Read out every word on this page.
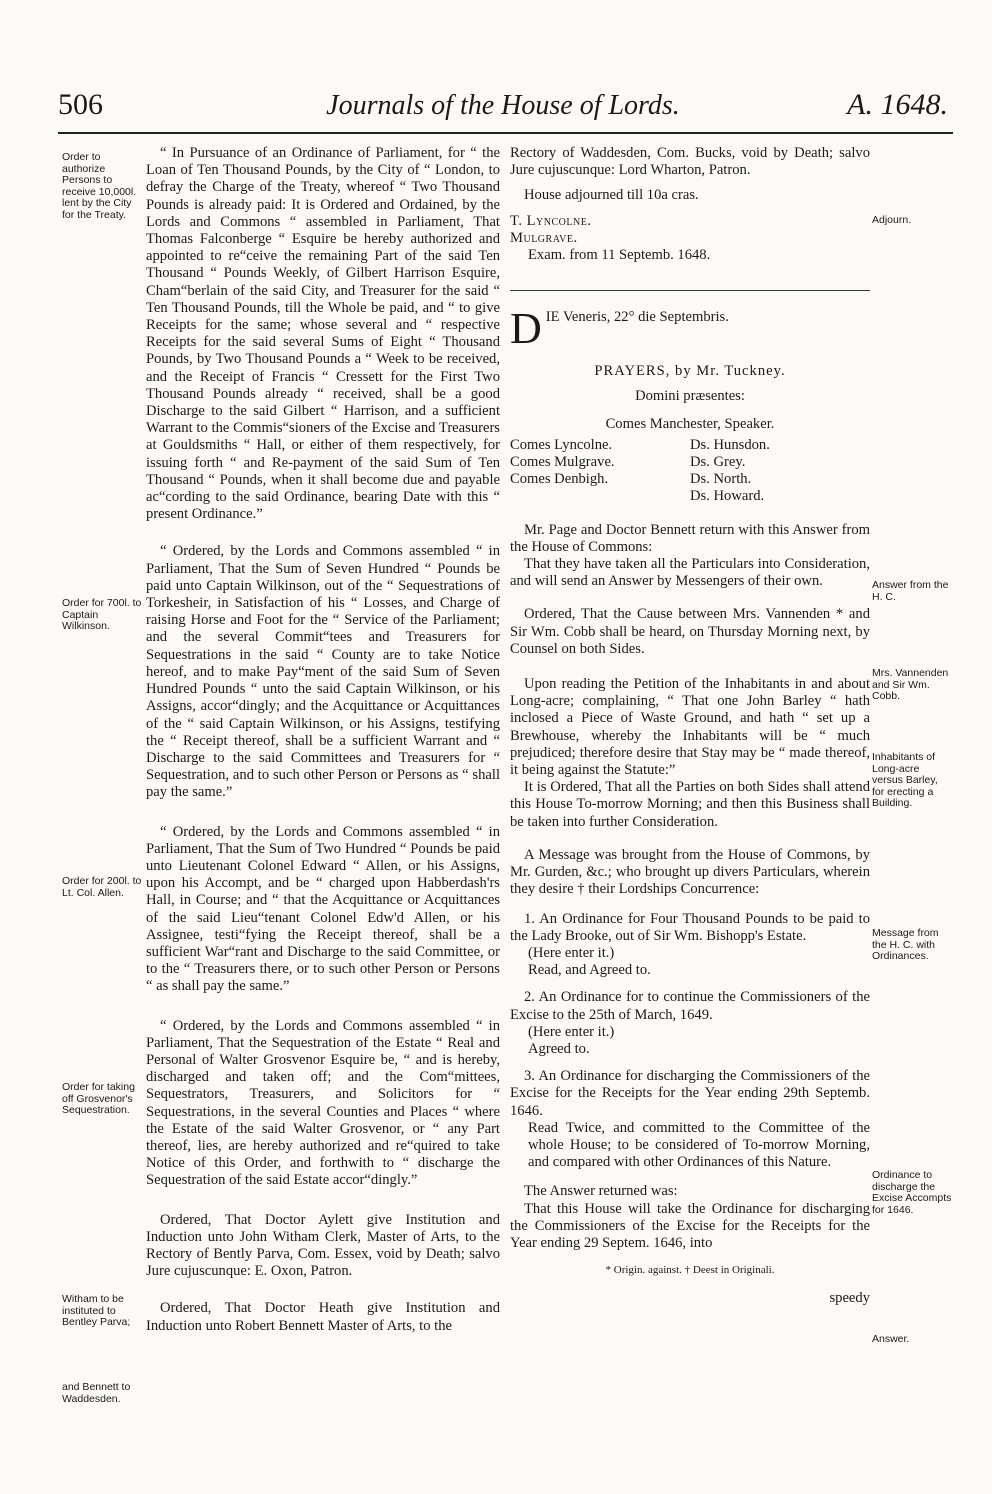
506	Journals of the House of Lords.	A. 1648.
Order to authorize Persons to receive 10,000l. lent by the City for the Treaty.
Order for 700l. to Captain Wilkinson.
Order for 200l. to Lt. Col. Allen.
Order for taking off Grosvenor's Sequestration.
Witham to be instituted to Bentley Parva;
and Bennett to Waddesden.
Adjourn.
Answer from the H. C.
Mrs. Vannenden and Sir Wm. Cobb.
Inhabitants of Long-acre versus Barley, for erecting a Building.
Message from the H. C. with Ordinances.
Ordinance to discharge the Excise Accompts for 1646.
Answer.

“ In Pursuance of an Ordinance of Parliament, for “ the Loan of Ten Thousand Pounds, by the City of “ London, to defray the Charge of the Treaty, whereof “ Two Thousand Pounds is already paid: It is Ordered and Ordained, by the Lords and Commons “ assembled in Parliament, That Thomas Falconberge “ Esquire be hereby authorized and appointed to re“ceive the remaining Part of the said Ten Thousand “ Pounds Weekly, of Gilbert Harrison Esquire, Cham“berlain of the said City, and Treasurer for the said “ Ten Thousand Pounds, till the Whole be paid, and “ to give Receipts for the same; whose several and “ respective Receipts for the said several Sums of Eight “ Thousand Pounds, by Two Thousand Pounds a “ Week to be received, and the Receipt of Francis “ Cressett for the First Two Thousand Pounds already “ received, shall be a good Discharge to the said Gilbert “ Harrison, and a sufficient Warrant to the Commis“sioners of the Excise and Treasurers at Gouldsmiths “ Hall, or either of them respectively, for issuing forth “ and Re-payment of the said Sum of Ten Thousand “ Pounds, when it shall become due and payable ac“cording to the said Ordinance, bearing Date with this “ present Ordinance.”

“ Ordered, by the Lords and Commons assembled “ in Parliament, That the Sum of Seven Hundred “ Pounds be paid unto Captain Wilkinson, out of the “ Sequestrations of Torkesheir, in Satisfaction of his “ Losses, and Charge of raising Horse and Foot for the “ Service of the Parliament; and the several Commit“tees and Treasurers for Sequestrations in the said “ County are to take Notice hereof, and to make Pay“ment of the said Sum of Seven Hundred Pounds “ unto the said Captain Wilkinson, or his Assigns, accor“dingly; and the Acquittance or Acquittances of the “ said Captain Wilkinson, or his Assigns, testifying the “ Receipt thereof, shall be a sufficient Warrant and “ Discharge to the said Committees and Treasurers for “ Sequestration, and to such other Person or Persons as “ shall pay the same.”

“ Ordered, by the Lords and Commons assembled “ in Parliament, That the Sum of Two Hundred “ Pounds be paid unto Lieutenant Colonel Edward “ Allen, or his Assigns, upon his Accompt, and be “ charged upon Habberdash'rs Hall, in Course; and “ that the Acquittance or Acquittances of the said Lieu“tenant Colonel Edw'd Allen, or his Assignee, testi“fying the Receipt thereof, shall be a sufficient War“rant and Discharge to the said Committee, or to the “ Treasurers there, or to such other Person or Persons “ as shall pay the same.”

“ Ordered, by the Lords and Commons assembled “ in Parliament, That the Sequestration of the Estate “ Real and Personal of Walter Grosvenor Esquire be, “ and is hereby, discharged and taken off; and the Com“mittees, Sequestrators, Treasurers, and Solicitors for “ Sequestrations, in the several Counties and Places “ where the Estate of the said Walter Grosvenor, or “ any Part thereof, lies, are hereby authorized and re“quired to take Notice of this Order, and forthwith to “ discharge the Sequestration of the said Estate accor“dingly.”

Ordered, That Doctor Aylett give Institution and Induction unto John Witham Clerk, Master of Arts, to the Rectory of Bently Parva, Com. Essex, void by Death; salvo Jure cujuscunque: E. Oxon, Patron.

Ordered, That Doctor Heath give Institution and Induction unto Robert Bennett Master of Arts, to the

Rectory of Waddesden, Com. Bucks, void by Death; salvo Jure cujuscunque: Lord Wharton, Patron.

House adjourned till 10a cras.

T. Lyncolne.

Mulgrave.

Exam. from 11 Septemb. 1648.

D IE Veneris, 22° die Septembris.

PRAYERS, by Mr. Tuckney.

Domini præsentes:

Comes Manchester, Speaker.

Comes Lyncolne.
Comes Mulgrave.
Comes Denbigh.
Ds. Hunsdon.
Ds. Grey.
Ds. North.
Ds. Howard.

Mr. Page and Doctor Bennett return with this Answer from the House of Commons:

That they have taken all the Particulars into Consideration, and will send an Answer by Messengers of their own.

Ordered, That the Cause between Mrs. Vannenden * and Sir Wm. Cobb shall be heard, on Thursday Morning next, by Counsel on both Sides.

Upon reading the Petition of the Inhabitants in and about Long-acre; complaining, “ That one John Barley “ hath inclosed a Piece of Waste Ground, and hath “ set up a Brewhouse, whereby the Inhabitants will be “ much prejudiced; therefore desire that Stay may be “ made thereof, it being against the Statute:”

It is Ordered, That all the Parties on both Sides shall attend this House To-morrow Morning; and then this Business shall be taken into further Consideration.

A Message was brought from the House of Commons, by Mr. Gurden, &c.; who brought up divers Particulars, wherein they desire † their Lordships Concurrence:

1. An Ordinance for Four Thousand Pounds to be paid to the Lady Brooke, out of Sir Wm. Bishopp's Estate.

(Here enter it.)

Read, and Agreed to.

2. An Ordinance for to continue the Commissioners of the Excise to the 25th of March, 1649.

(Here enter it.)

Agreed to.

3. An Ordinance for discharging the Commissioners of the Excise for the Receipts for the Year ending 29th Septemb. 1646.

Read Twice, and committed to the Committee of the whole House; to be considered of To-morrow Morning, and compared with other Ordinances of this Nature.

The Answer returned was:

That this House will take the Ordinance for discharging the Commissioners of the Excise for the Receipts for the Year ending 29 Septem. 1646, into

* Origin. against. † Deest in Originali.

speedy
